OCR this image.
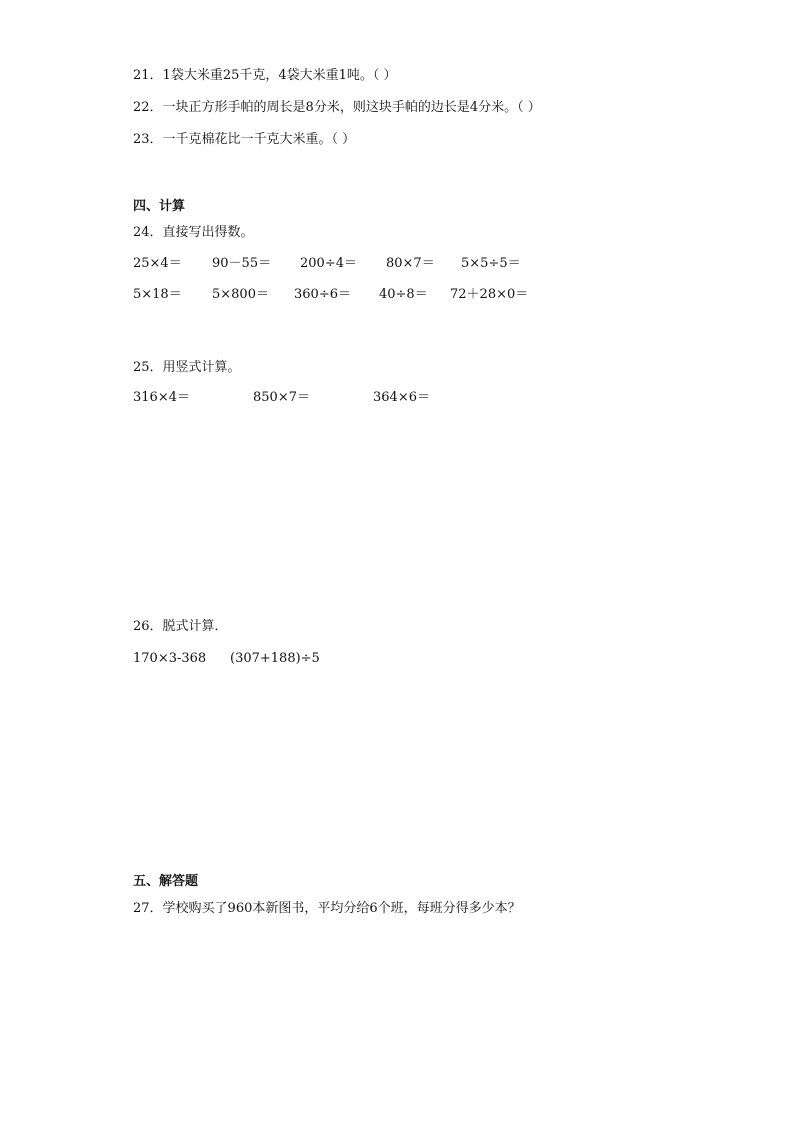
21．1袋大米重25千克，4袋大米重1吨。（ ）
22．一块正方形手帕的周长是8分米，则这块手帕的边长是4分米。（ ）
23．一千克棉花比一千克大米重。（ ）
四、计算
24．直接写出得数。

25×4＝

90－55＝

200÷4＝

80×7＝

5×5÷5＝

5×18＝

5×800＝

360÷6＝

40÷8＝

72＋28×0＝

25．用竖式计算。

316×4＝

	850×7＝

	364×6＝

26．脱式计算．

170×3-368

(307+188)÷5

五、解答题
27．学校购买了960本新图书，平均分给6个班，每班分得多少本？
